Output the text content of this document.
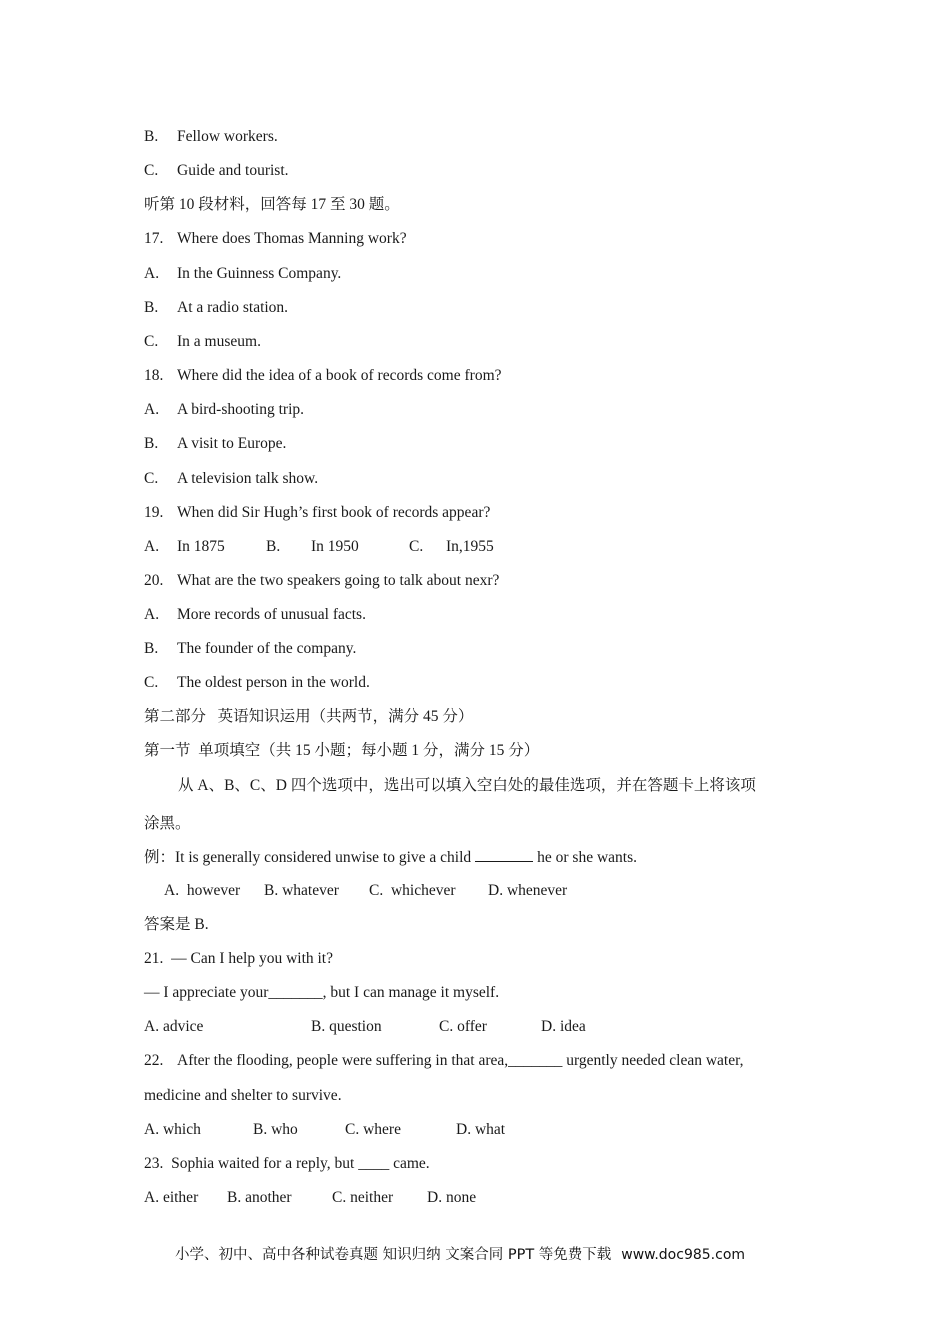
B. Fellow workers.
C. Guide and tourist.
听第 10 段材料，回答每 17 至 30 题。
17. Where does Thomas Manning work?
A. In the Guinness Company.
B. At a radio station.
C. In a museum.
18. Where did the idea of a book of records come from?
A. A bird-shooting trip.
B. A visit to Europe.
C. A television talk show.
19. When did Sir Hugh’s first book of records appear?
A. In 1875	B. In 1950	C. In,1955
20. What are the two speakers going to talk about nexr?
A. More records of unusual facts.
B. The founder of the company.
C. The oldest person in the world.
第二部分   英语知识运用（共两节，满分 45 分）
第一节  单项填空（共 15 小题；每小题 1 分，满分 15 分）
从 A、B、C、D 四个选项中，选出可以填入空白处的最佳选项，并在答题卡上将该项
涂黑。
例：It is generally considered unwise to give a child	he or she wants.
A.  however B. whatever C.  whichever D. whenever
答案是 B.
21.  — Can I help you with it?
— I appreciate your_______, but I can manage it myself.
A. advice	B. question	C. offer	D. idea
22. After the flooding, people were suffering in that area,_______ urgently needed clean water,
medicine and shelter to survive.
A. which	B. who	C. where	D. what
23.  Sophia waited for a reply, but ____ came.
A. either B. another	C. neither D. none
小学、初中、高中各种试卷真题 知识归纳 文案合同 PPT 等免费下载 www.doc985.com
